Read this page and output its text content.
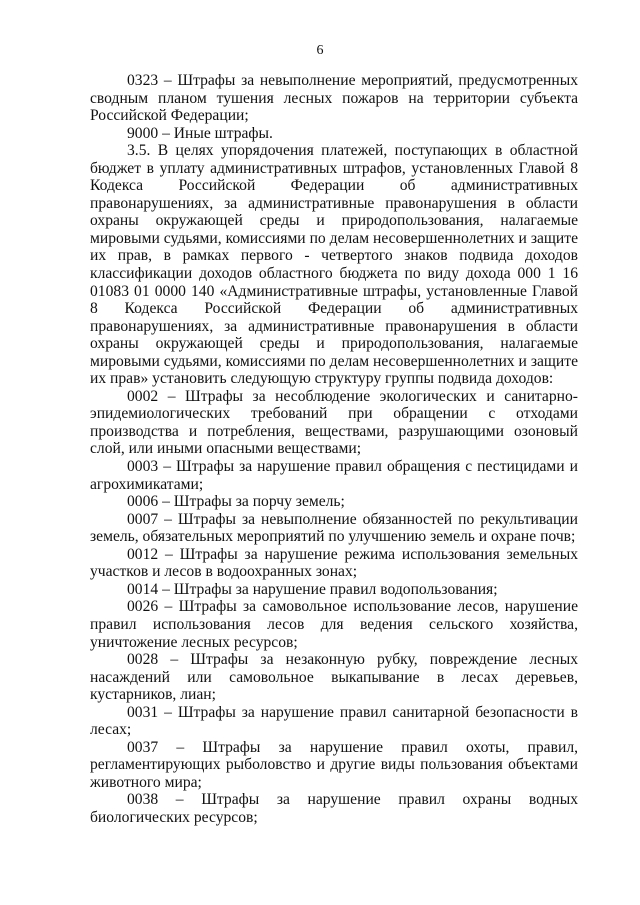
6

0323 – Штрафы за невыполнение мероприятий, предусмотренных сводным планом тушения лесных пожаров на территории субъекта Российской Федерации;

9000 – Иные штрафы.

3.5. В целях упорядочения платежей, поступающих в областной бюджет в уплату административных штрафов, установленных Главой 8 Кодекса Российской Федерации об административных правонарушениях, за административные правонарушения в области охраны окружающей среды и природопользования, налагаемые мировыми судьями, комиссиями по делам несовершеннолетних и защите их прав, в рамках первого - четвертого знаков подвида доходов классификации доходов областного бюджета по виду дохода 000 1 16 01083 01 0000 140 «Административные штрафы, установленные Главой 8 Кодекса Российской Федерации об административных правонарушениях, за административные правонарушения в области охраны окружающей среды и природопользования, налагаемые мировыми судьями, комиссиями по делам несовершеннолетних и защите их прав» установить следующую структуру группы подвида доходов:

0002 – Штрафы за несоблюдение экологических и санитарно-эпидемиологических требований при обращении с отходами производства и потребления, веществами, разрушающими озоновый слой, или иными опасными веществами;

0003 – Штрафы за нарушение правил обращения с пестицидами и агрохимикатами;

0006 – Штрафы за порчу земель;

0007 – Штрафы за невыполнение обязанностей по рекультивации земель, обязательных мероприятий по улучшению земель и охране почв;

0012 – Штрафы за нарушение режима использования земельных участков и лесов в водоохранных зонах;

0014 – Штрафы за нарушение правил водопользования;

0026 – Штрафы за самовольное использование лесов, нарушение правил использования лесов для ведения сельского хозяйства, уничтожение лесных ресурсов;

0028 – Штрафы за незаконную рубку, повреждение лесных насаждений или самовольное выкапывание в лесах деревьев, кустарников, лиан;

0031 – Штрафы за нарушение правил санитарной безопасности в лесах;

0037 – Штрафы за нарушение правил охоты, правил, регламентирующих рыболовство и другие виды пользования объектами животного мира;

0038 – Штрафы за нарушение правил охраны водных биологических ресурсов;
